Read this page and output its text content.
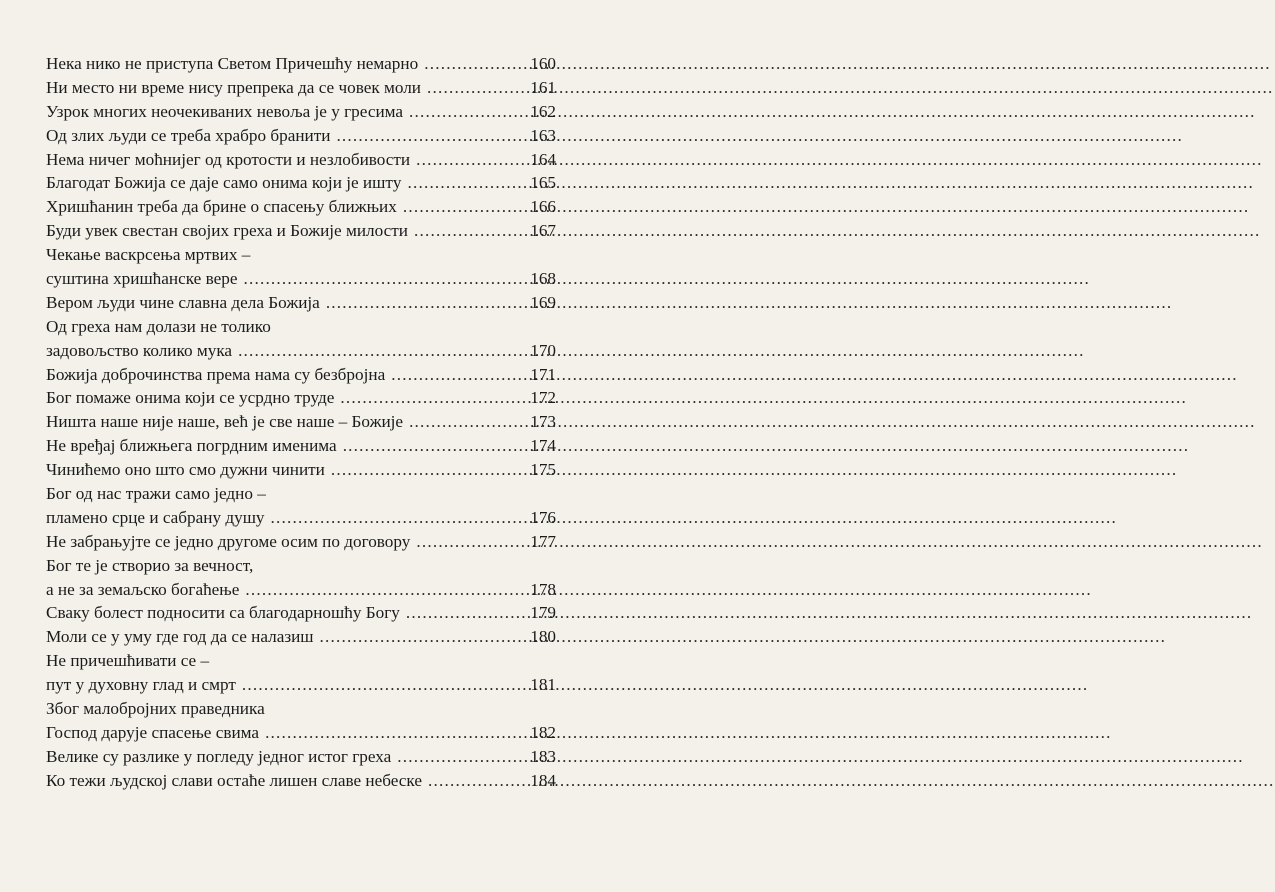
Нека нико не приступа Светом Причешћу немарно .....	160
Ни место ни време нису препрека да се човек моли .....	161
Узрок многих неочекиваних невоља је у гресима .....	162
Од злих људи се треба храбро бранити .....	163
Нема ничег моћнијег од кротости и незлобивости .....	164
Благодат Божија се даје само онима који је иштy .....	165
Хришћанин треба да брине о спасењу ближњих .....	166
Буди увек свестан својих греха и Божије милости .....	167
Чекање васкрсења мртвих –
суштина хришћанске вере .....	168
Вером људи чине славна дела Божија .....	169
Од греха нам долази не толико
задовољство колико мука .....	170
Божија доброчинства према нама су безбројна .....	171
Бог помаже онима који се усрдно труде .....	172
Ништа наше није наше, већ је све наше – Божије .....	173
Не вређај ближњега погрдним именима .....	174
Чинићемо оно што смо дужни чинити .....	175
Бог од нас тражи само једно –
пламено срце и сабрану душу .....	176
Не забрањујте се једно другоме осим по договору .....	177
Бог те је створио за вечност,
а не за земаљско богаћење .....	178
Сваку болест подносити са благодарношћу Богу .....	179
Моли се у уму где год да се налазиш .....	180
Не причешћивати се –
пут у духовну глад и смрт .....	181
Због малобројних праведника
Господ дарује спасење свима .....	182
Велике су разлике у погледу једног истог греха .....	183
Ко тежи људској слави остаће лишен славе небеске .....	184
